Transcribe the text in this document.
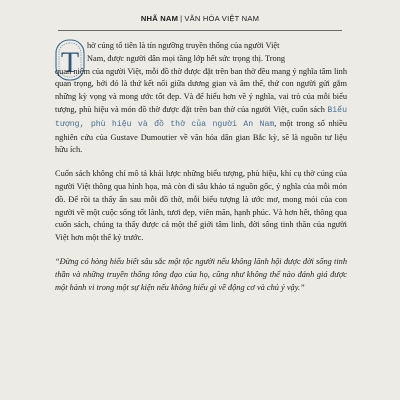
NHÃ NAM | VĂN HÓA VIỆT NAM
T

hờ cúng tổ tiên là tín ngưỡng truyền thống của người Việt
Nam, được người dân mọi tầng lớp hết sức trọng thị. Trong
quan niệm của người Việt, mỗi đồ thờ được đặt trên ban thờ đều mang ý nghĩa tâm linh quan trọng, bởi đó là thứ kết nối giữa dương gian và âm thế, thứ con người gửi gắm những kỳ vọng và mong ước tốt đẹp. Và để hiểu hơn về ý nghĩa, vai trò của mỗi biểu tượng, phù hiệu và món đồ thờ được đặt trên ban thờ của người Việt, cuốn sách Biểu tượng, phù hiệu và đồ thờ của người An Nam, một trong số nhiều nghiên cứu của Gustave Dumoutier về văn hóa dân gian Bắc kỳ, sẽ là nguồn tư liệu hữu ích.

Cuốn sách không chỉ mô tả khái lược những biểu tượng, phù hiệu, khí cụ thờ cúng của người Việt thông qua hình họa, mà còn đi sâu khảo tả nguồn gốc, ý nghĩa của mỗi món đồ. Để rồi ta thấy ẩn sau mỗi đồ thờ, mỗi biểu tượng là ước mơ, mong mỏi của con người về một cuộc sống tốt lành, tươi đẹp, viên mãn, hạnh phúc. Và hơn hết, thông qua cuốn sách, chúng ta thấy được cả một thế giới tâm linh, đời sống tinh thần của người Việt hơn một thế kỷ trước.

“Đừng có hòng hiểu biết sâu sắc một tộc người nếu không lãnh hội được đời sống tinh thần và những truyền thống tông đạo của họ, cũng như không thể nào đánh giá được một hành vi trong một sự kiện nếu không hiểu gì về động cơ và chủ ý vậy.”
